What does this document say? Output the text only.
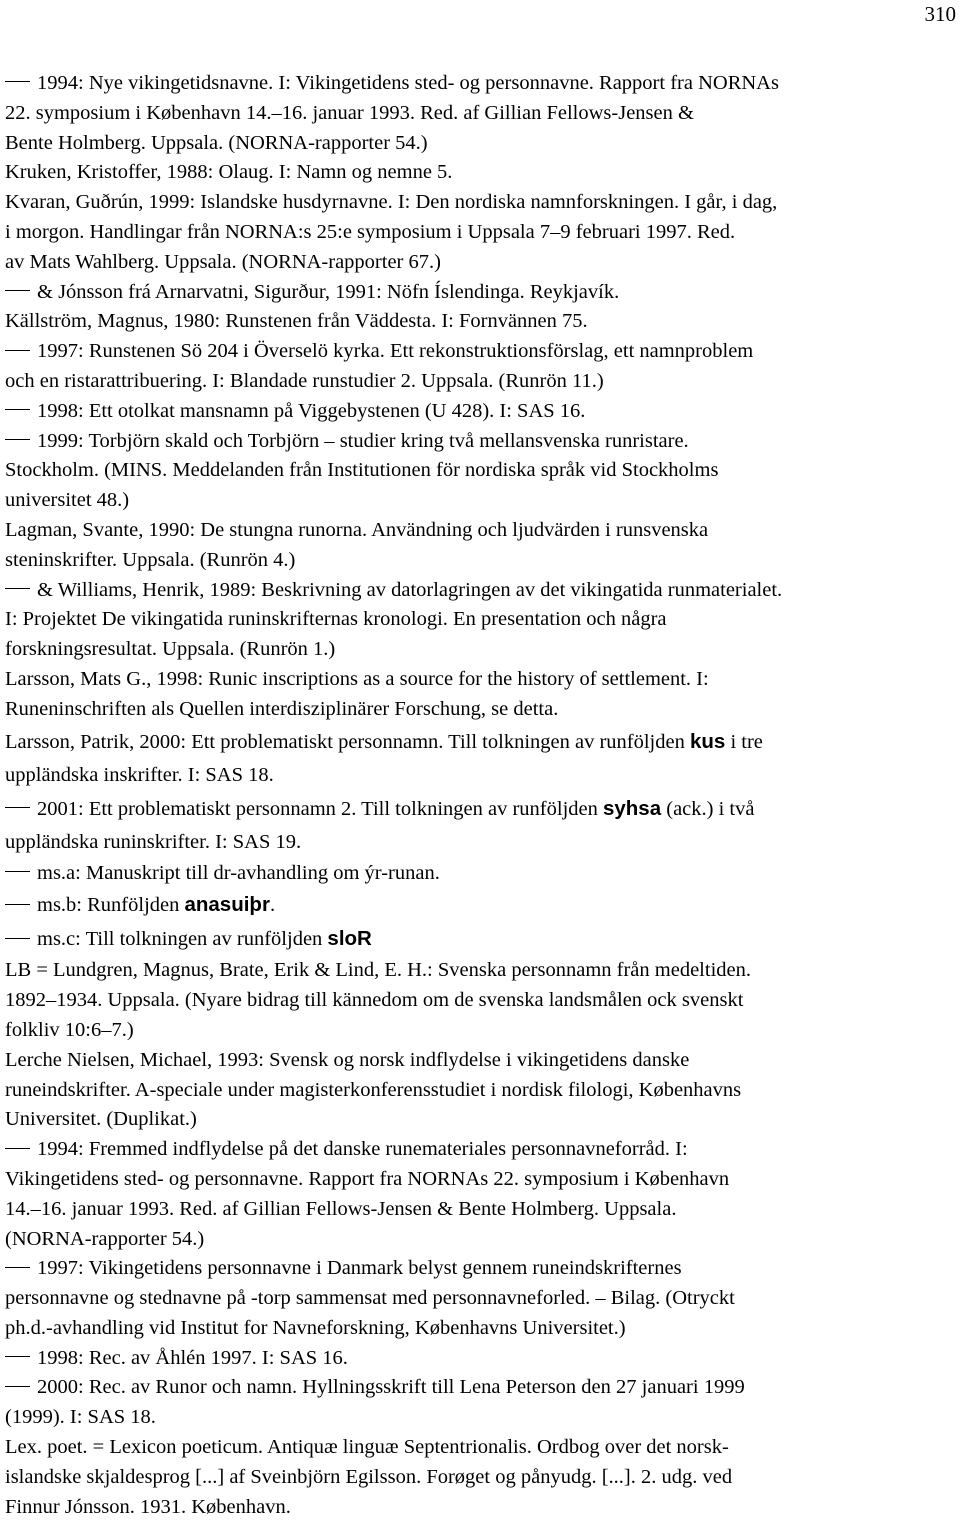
310
1994: Nye vikingetidsnavne. I: Vikingetidens sted- og personnavne. Rapport fra NORNAs
22. symposium i København 14.–16. januar 1993. Red. af Gillian Fellows-Jensen &
Bente Holmberg. Uppsala. (NORNA-rapporter 54.)
Kruken, Kristoffer, 1988: Olaug. I: Namn og nemne 5.
Kvaran, Guðrún, 1999: Islandske husdyrnavne. I: Den nordiska namnforskningen. I går, i dag,
i morgon. Handlingar från NORNA:s 25:e symposium i Uppsala 7–9 februari 1997. Red.
av Mats Wahlberg. Uppsala. (NORNA-rapporter 67.)
& Jónsson frá Arnarvatni, Sigurður, 1991: Nöfn Íslendinga. Reykjavík.
Källström, Magnus, 1980: Runstenen från Väddesta. I: Fornvännen 75.
1997: Runstenen Sö 204 i Överselö kyrka. Ett rekonstruktionsförslag, ett namnproblem
och en ristarattribuering. I: Blandade runstudier 2. Uppsala. (Runrön 11.)
1998: Ett otolkat mansnamn på Viggebystenen (U 428). I: SAS 16.
1999: Torbjörn skald och Torbjörn – studier kring två mellansvenska runristare.
Stockholm. (MINS. Meddelanden från Institutionen för nordiska språk vid Stockholms
universitet 48.)
Lagman, Svante, 1990: De stungna runorna. Användning och ljudvärden i runsvenska
steninskrifter. Uppsala. (Runrön 4.)
& Williams, Henrik, 1989: Beskrivning av datorlagringen av det vikingatida runmaterialet.
I: Projektet De vikingatida runinskrifternas kronologi. En presentation och några
forskningsresultat. Uppsala. (Runrön 1.)
Larsson, Mats G., 1998: Runic inscriptions as a source for the history of settlement. I:
Runeninschriften als Quellen interdisziplinärer Forschung, se detta.
Larsson, Patrik, 2000: Ett problematiskt personnamn. Till tolkningen av runföljden kus i tre
uppländska inskrifter. I: SAS 18.
2001: Ett problematiskt personnamn 2. Till tolkningen av runföljden syhsa (ack.) i två
uppländska runinskrifter. I: SAS 19.
ms.a: Manuskript till dr-avhandling om ýr-runan.
ms.b: Runföljden anasuiþr.
ms.c: Till tolkningen av runföljden sloR
LB = Lundgren, Magnus, Brate, Erik & Lind, E. H.: Svenska personnamn från medeltiden.
1892–1934. Uppsala. (Nyare bidrag till kännedom om de svenska landsmålen ock svenskt
folkliv 10:6–7.)
Lerche Nielsen, Michael, 1993: Svensk og norsk indflydelse i vikingetidens danske
runeindskrifter. A-speciale under magisterkonferensstudiet i nordisk filologi, Københavns
Universitet. (Duplikat.)
1994: Fremmed indflydelse på det danske runemateriales personnavneforråd. I:
Vikingetidens sted- og personnavne. Rapport fra NORNAs 22. symposium i København
14.–16. januar 1993. Red. af Gillian Fellows-Jensen & Bente Holmberg. Uppsala.
(NORNA-rapporter 54.)
1997: Vikingetidens personnavne i Danmark belyst gennem runeindskrifternes
personnavne og stednavne på -torp sammensat med personnavneforled. – Bilag. (Otryckt
ph.d.-avhandling vid Institut for Navneforskning, Københavns Universitet.)
1998: Rec. av Åhlén 1997. I: SAS 16.
2000: Rec. av Runor och namn. Hyllningsskrift till Lena Peterson den 27 januari 1999
(1999). I: SAS 18.
Lex. poet. = Lexicon poeticum. Antiquæ linguæ Septentrionalis. Ordbog over det norsk-
islandske skjaldesprog [...] af Sveinbjörn Egilsson. Forøget og pånyudg. [...]. 2. udg. ved
Finnur Jónsson. 1931. København.
